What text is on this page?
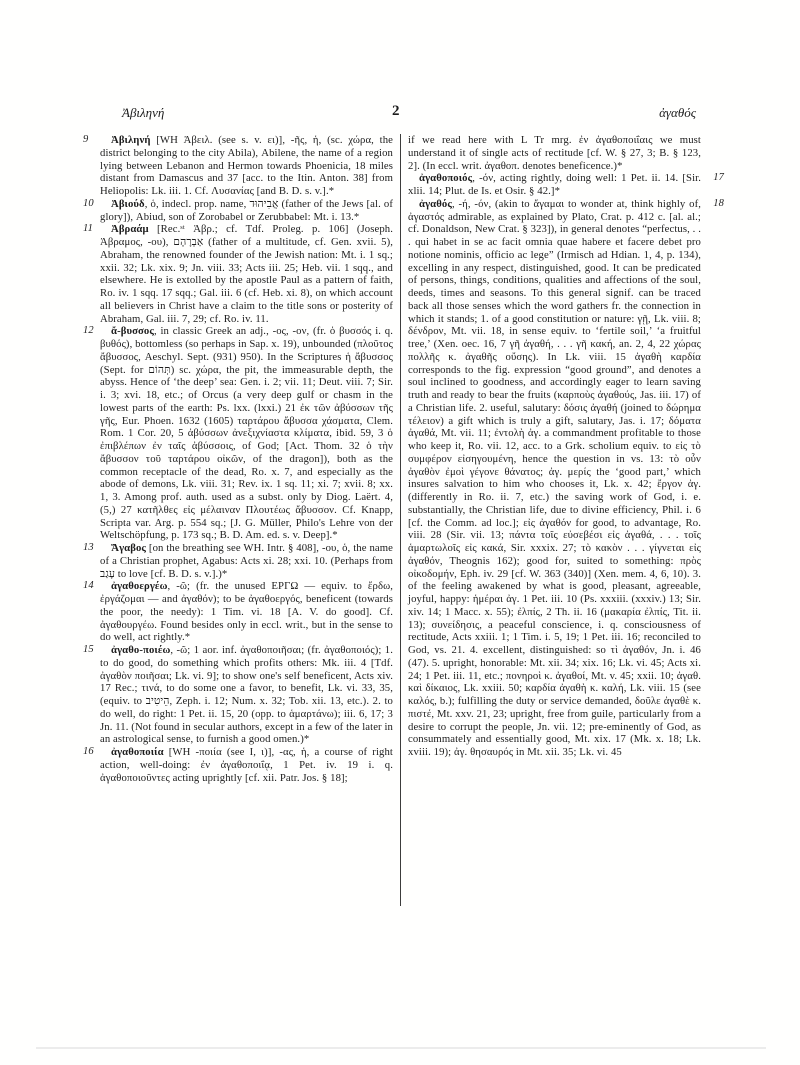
Ἀβιληνή	2	ἀγαθός

9 Ἀβιληνή [WH Ἀβειλ. (see s. v. ει)], -ῆς, ἡ, (sc. χώρα, the district belonging to the city Abila), Abilene, the name of a region lying between Lebanon and Hermon towards Phoenicia, 18 miles distant from Damascus and 37 [acc. to the Itin. Anton. 38] from Heliopolis: Lk. iii. 1. Cf. Λυσανίας [and B. D. s. v.].*

10 Ἀβιούδ, ὁ, indecl. prop. name, אֲבִיהוּד (father of the Jews [al. of glory]), Abiud, son of Zorobabel or Zerubbabel: Mt. i. 13.*

11 Ἀβραάμ [Rec.ˢᵗ Ἀβρ.; cf. Tdf. Proleg. p. 106] (Joseph. Ἀβραμος, -ου), אַבְרָהָם (father of a multitude, cf. Gen. xvii. 5), Abraham, the renowned founder of the Jewish nation: Mt. i. 1 sq.; xxii. 32; Lk. xix. 9; Jn. viii. 33; Acts iii. 25; Heb. vii. 1 sqq., and elsewhere. He is extolled by the apostle Paul as a pattern of faith, Ro. iv. 1 sqq. 17 sqq.; Gal. iii. 6 (cf. Heb. xi. 8), on which account all believers in Christ have a claim to the title sons or posterity of Abraham, Gal. iii. 7, 29; cf. Ro. iv. 11.

12 ἄ-βυσσος, in classic Greek an adj., -ος, -ον, (fr. ὁ βυσσός i. q. βυθός), bottomless (so perhaps in Sap. x. 19), unbounded (πλοῦτος ἄβυσσος, Aeschyl. Sept. (931) 950). In the Scriptures ἡ ἄβυσσος (Sept. for תְּהוֹם) sc. χώρα, the pit, the immeasurable depth, the abyss. Hence of ‘the deep’ sea: Gen. i. 2; vii. 11; Deut. viii. 7; Sir. i. 3; xvi. 18, etc.; of Orcus (a very deep gulf or chasm in the lowest parts of the earth: Ps. lxx. (lxxi.) 21 ἐκ τῶν ἀβύσσων τῆς γῆς, Eur. Phoen. 1632 (1605) ταρτάρου ἄβυσσα χάσματα, Clem. Rom. 1 Cor. 20, 5 ἀβύσσων ἀνεξιχνίαστα κλίματα, ibid. 59, 3 ὁ ἐπιβλέπων ἐν ταῖς ἀβύσσοις, of God; [Act. Thom. 32 ὁ τὴν ἄβυσσον τοῦ ταρτάρου οἰκῶν, of the dragon]), both as the common receptacle of the dead, Ro. x. 7, and especially as the abode of demons, Lk. viii. 31; Rev. ix. 1 sq. 11; xi. 7; xvii. 8; xx. 1, 3. Among prof. auth. used as a subst. only by Diog. Laërt. 4, (5,) 27 κατῆλθες εἰς μέλαιναν Πλουτέως ἄβυσσον. Cf. Knapp, Scripta var. Arg. p. 554 sq.; [J. G. Müller, Philo's Lehre von der Weltschöpfung, p. 173 sq.; B. D. Am. ed. s. v. Deep].*

13 Ἄγαβος [on the breathing see WH. Intr. § 408], -ου, ὁ, the name of a Christian prophet, Agabus: Acts xi. 28; xxi. 10. (Perhaps from עָגַב to love [cf. B. D. s. v.].)*

14 ἀγαθοεργέω, -ῶ; (fr. the unused ΕΡΓΩ — equiv. to ἔρδω, ἐργάζομαι — and ἀγαθόν); to be ἀγαθοεργός, beneficent (towards the poor, the needy): 1 Tim. vi. 18 [A. V. do good]. Cf. ἀγαθουργέω. Found besides only in eccl. writ., but in the sense to do well, act rightly.*

15 ἀγαθο-ποιέω, -ῶ; 1 aor. inf. ἀγαθοποιῆσαι; (fr. ἀγαθοποιός); 1. to do good, do something which profits others: Mk. iii. 4 [Tdf. ἀγαθὸν ποιῆσαι; Lk. vi. 9]; to show one's self beneficent, Acts xiv. 17 Rec.; τινά, to do some one a favor, to benefit, Lk. vi. 33, 35, (equiv. to הֵיטִיב, Zeph. i. 12; Num. x. 32; Tob. xii. 13, etc.). 2. to do well, do right: 1 Pet. ii. 15, 20 (opp. to ἁμαρτάνω); iii. 6, 17; 3 Jn. 11. (Not found in secular authors, except in a few of the later in an astrological sense, to furnish a good omen.)*

16 ἀγαθοποιία [WH -ποιία (see Ι, ι)], -ας, ἡ, a course of right action, well-doing: ἐν ἀγαθοποιΐᾳ, 1 Pet. iv. 19 i. q. ἀγαθοποιοῦντες acting uprightly [cf. xii. Patr. Jos. § 18];

if we read here with L Tr mrg. ἐν ἀγαθοποιΐαις we must understand it of single acts of rectitude [cf. W. § 27, 3; B. § 123, 2]. (In eccl. writ. ἀγαθοπ. denotes beneficence.)*

17
ἀγαθοποιός, -όν, acting rightly, doing well: 1 Pet. ii. 14. [Sir. xlii. 14; Plut. de Is. et Osir. § 42.]*

18
ἀγαθός, -ή, -όν, (akin to ἄγαμαι to wonder at, think highly of, ἀγαστός admirable, as explained by Plato, Crat. p. 412 c. [al. al.; cf. Donaldson, New Crat. § 323]), in general denotes “perfectus, . . . qui habet in se ac facit omnia quae habere et facere debet pro notione nominis, officio ac lege” (Irmisch ad Hdian. 1, 4, p. 134), excelling in any respect, distinguished, good. It can be predicated of persons, things, conditions, qualities and affections of the soul, deeds, times and seasons. To this general signif. can be traced back all those senses which the word gathers fr. the connection in which it stands; 1. of a good constitution or nature: γῇ, Lk. viii. 8; δένδρον, Mt. vii. 18, in sense equiv. to ‘fertile soil,’ ‘a fruitful tree,’ (Xen. oec. 16, 7 γῆ ἀγαθή, . . . γῆ κακή, an. 2, 4, 22 χώρας πολλῆς κ. ἀγαθῆς οὔσης). In Lk. viii. 15 ἀγαθὴ καρδία corresponds to the fig. expression “good ground”, and denotes a soul inclined to goodness, and accordingly eager to learn saving truth and ready to bear the fruits (καρποὺς ἀγαθούς, Jas. iii. 17) of a Christian life. 2. useful, salutary: δόσις ἀγαθή (joined to δώρημα τέλειον) a gift which is truly a gift, salutary, Jas. i. 17; δόματα ἀγαθά, Mt. vii. 11; ἐντολὴ ἀγ. a commandment profitable to those who keep it, Ro. vii. 12, acc. to a Grk. scholium equiv. to εἰς τὸ συμφέρον εἰσηγουμένη, hence the question in vs. 13: τὸ οὖν ἀγαθὸν ἐμοὶ γέγονε θάνατος; ἀγ. μερίς the ‘good part,’ which insures salvation to him who chooses it, Lk. x. 42; ἔργον ἀγ. (differently in Ro. ii. 7, etc.) the saving work of God, i. e. substantially, the Christian life, due to divine efficiency, Phil. i. 6 [cf. the Comm. ad loc.]; εἰς ἀγαθόν for good, to advantage, Ro. viii. 28 (Sir. vii. 13; πάντα τοῖς εὐσεβέσι εἰς ἀγαθά, . . . τοῖς ἁμαρτωλοῖς εἰς κακά, Sir. xxxix. 27; τὸ κακὸν . . . γίγνεται εἰς ἀγαθόν, Theognis 162); good for, suited to something: πρὸς οἰκοδομήν, Eph. iv. 29 [cf. W. 363 (340)] (Xen. mem. 4, 6, 10). 3. of the feeling awakened by what is good, pleasant, agreeable, joyful, happy: ἡμέραι ἀγ. 1 Pet. iii. 10 (Ps. xxxiii. (xxxiv.) 13; Sir. xiv. 14; 1 Macc. x. 55); ἐλπίς, 2 Th. ii. 16 (μακαρία ἐλπίς, Tit. ii. 13); συνείδησις, a peaceful conscience, i. q. consciousness of rectitude, Acts xxiii. 1; 1 Tim. i. 5, 19; 1 Pet. iii. 16; reconciled to God, vs. 21. 4. excellent, distinguished: so τὶ ἀγαθόν, Jn. i. 46 (47). 5. upright, honorable: Mt. xii. 34; xix. 16; Lk. vi. 45; Acts xi. 24; 1 Pet. iii. 11, etc.; πονηροὶ κ. ἀγαθοί, Mt. v. 45; xxii. 10; ἀγαθ. καὶ δίκαιος, Lk. xxiii. 50; καρδία ἀγαθὴ κ. καλή, Lk. viii. 15 (see καλός, b.); fulfilling the duty or service demanded, δοῦλε ἀγαθὲ κ. πιστέ, Mt. xxv. 21, 23; upright, free from guile, particularly from a desire to corrupt the people, Jn. vii. 12; pre-eminently of God, as consummately and essentially good, Mt. xix. 17 (Mk. x. 18; Lk. xviii. 19); ἀγ. θησαυρός in Mt. xii. 35; Lk. vi. 45
